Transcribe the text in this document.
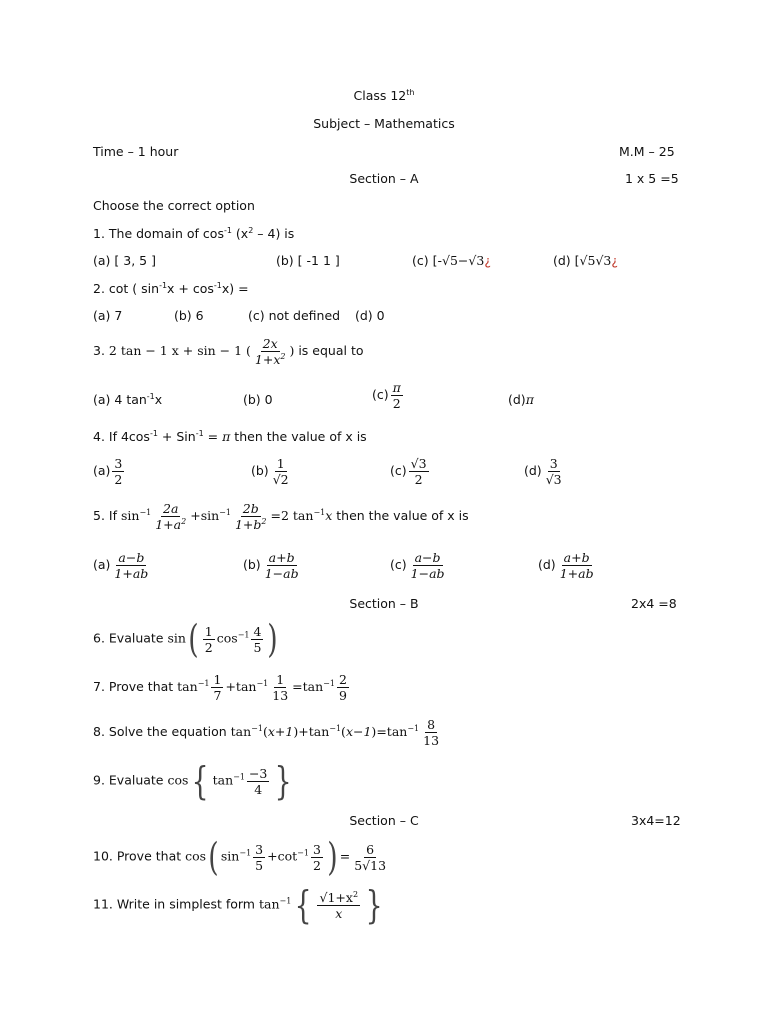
Class 12th
Subject – Mathematics
Time – 1 hour	M.M – 25
Section – A	1 x 5 =5
Choose the correct option
1. The domain of $\cos^{-1} (x^2 - 4)$ is
(a) [ 3, 5 ]	(b) [ -1 1 ]	(c) [-√5−√3¿	(d) [√5√3¿
2. cot ( $\sin^{-1}x + \cos^{-1}x$) =
(a) 7	(b) 6	(c) not defined (d) 0
3. 2 tan − 1 x + sin − 1 ( $\frac{2x}{1+x^2}$ ) is equal to
(a) 4 $\tan^{-1}x$	(b) 0	$(c) \frac{\pi}{2}$	(d)π
4. If $4\cos^{-1} + Sin^{-1} = \pi$ then the value of x is
$(a) \frac{3}{2}$	$(b) \frac{1}{√2}$	$(c) \frac{√3}{2}$	$(d) \frac{3}{√3}$
5. If $\sin^{-1} \frac{2a}{1+a^2} +\sin^{-1} \frac{2b}{1+b^2} =2$ $\tan^{-1}x$ then the value of x is
$(a) \frac{a-b}{1+ab}$	$(b) \frac{a+b}{1-ab}$	$(c) \frac{a-b}{1-ab}$	$(d) \frac{a+b}{1+ab}$
Section – B	2x4 =8
6. Evaluate $\sin( \frac{1}{2} \cos^{-1} \frac{4}{5}$ )
7. Prove that $\tan^{-1} \frac{1}{7} +\tan^{-1} \frac{1}{13} =\tan^{-1} \frac{2}{9}$
8. Solve the equation $\tan^{-1}(x+1)+\tan^{-1}(x-1)=\tan^{-1} \frac{8}{13}$
9. Evaluate cos{ $\tan^{-1} \frac{-3}{4}$ }
Section – C	3x4=12
10. Prove that cos( $\sin^{-1} \frac{3}{5} +\cot^{-1} \frac{3}{2}$ ) = $\frac{6}{5√13}$
11. Write in simplest form $\tan^{-1}\{ \frac{√1+x^2}{x}$ }
